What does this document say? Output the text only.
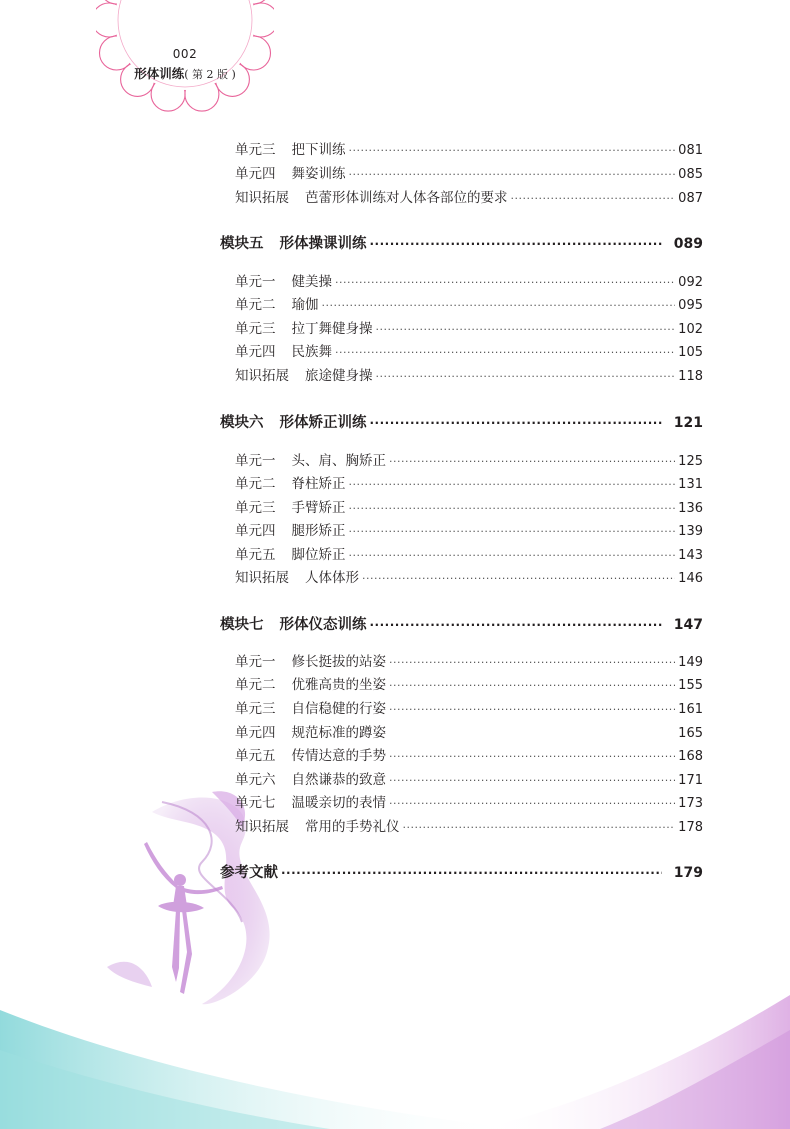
002
形体训练( 第 2 版 )
单元三 把下训练 ·····	081
单元四 舞姿训练 ·····	085
知识拓展 芭蕾形体训练对人体各部位的要求 ·····	087
模块五 形体操课训练 ·····	089
单元一 健美操 ·····	092
单元二 瑜伽 ·····	095
单元三 拉丁舞健身操 ·····	102
单元四 民族舞 ·····	105
知识拓展 旅途健身操 ·····	118
模块六 形体矫正训练 ·····	121
单元一 头、肩、胸矫正 ·····	125
单元二 脊柱矫正 ·····	131
单元三 手臂矫正 ·····	136
单元四 腿形矫正 ·····	139
单元五 脚位矫正 ·····	143
知识拓展 人体体形 ·····	146
模块七 形体仪态训练 ·····	147
单元一 修长挺拔的站姿 ·····	149
单元二 优雅高贵的坐姿 ·····	155
单元三 自信稳健的行姿 ·····	161
单元四 规范标准的蹲姿	165
单元五 传情达意的手势 ·····	168
单元六 自然谦恭的致意 ·····	171
单元七 温暖亲切的表情 ·····	173
知识拓展 常用的手势礼仪 ·····	178
参考文献 ·····	179
